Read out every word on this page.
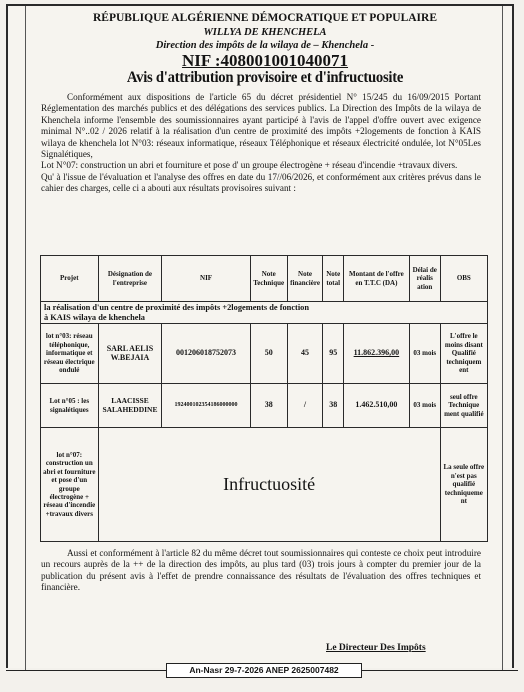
RÉPUBLIQUE ALGÉRIENNE DÉMOCRATIQUE ET POPULAIRE
WILLYA DE KHENCHELA
Direction des impôts de la wilaya de – Khenchela -
NIF :408001001040071
Avis d'attribution provisoire et d'infructuosite

Conformément aux dispositions de l'article 65 du décret présidentiel N° 15/245 du 16/09/2015 Portant Réglementation des marchés publics et des délégations des services publics. La Direction des Impôts de la wilaya de Khenchela informe l'ensemble des soumissionnaires ayant participé à l'avis de l'appel d'offre ouvert avec exigence minimal N°..02 / 2026 relatif à la réalisation d'un centre de proximité des impôts +2logements de fonction à KAIS wilaya de khenchela lot N°03: réseaux informatique, réseaux Téléphonique et réseaux électricité ondulée, lot N°05Les Signalétiques,

Lot N°07: construction un abri et fourniture et pose d' un groupe électrogène + réseau d'incendie +travaux divers.

Qu' à l'issue de l'évaluation et l'analyse des offres en date du 17//06/2026, et conformément aux critères prévus dans le cahier des charges, celle ci a abouti aux résultats provisoires suivant :

Projet	Désignation de l'entreprise	NIF	Note Technique	Note financière	Note total	Montant de l'offre en T.T.C (DA)	Délai de réalis ation	OBS

la réalisation d'un centre de proximité des impôts +2logements de fonction
à KAIS wilaya de khenchela								

lot n°03: réseau téléphonique, informatique et réseau électrique ondulé	SARL AELIS W.BEJAIA	001206018752073	50	45	95	11.862.396,00	03 mois	L'offre le moins disant Qualifié techniquem ent
Lot n°05 : les signalétiques	LAACISSE SALAHEDDINE	192400102354186000000	38	/	38	1.462.510,00	03 mois	seul offre Technique ment qualifié
lot n°07: construction un abri et fourniture et pose d'un groupe électrogène + réseau d'incendie +travaux divers	Infructuosité							La seule offre n'est pas qualifié techniqueme nt

Aussi et conformément à l'article 82 du même décret tout soumissionnaires qui conteste ce choix peut introduire un recours auprès de la ++ de la direction des impôts, au plus tard (03) trois jours à compter du premier jour de la publication du présent avis à l'effet de prendre connaissance des résultats de l'évaluation des offres techniques et financière.

Le Directeur Des Impôts
An-Nasr 29-7-2026 ANEP 2625007482
